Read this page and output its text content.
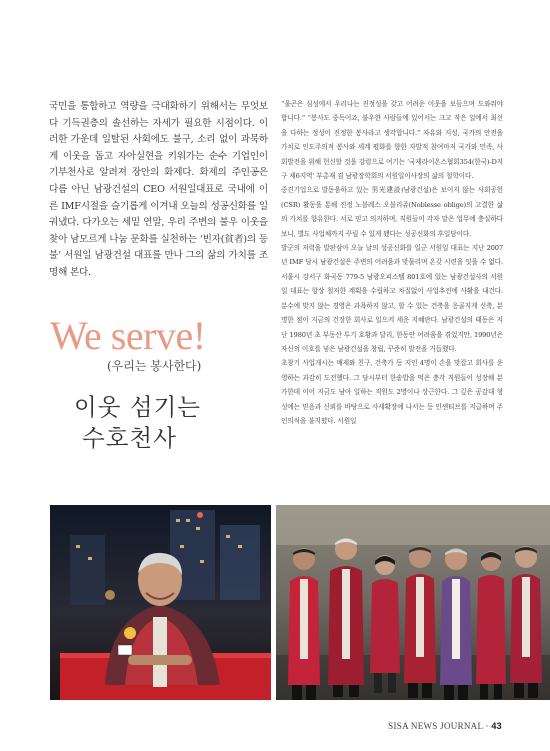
국민을 통합하고 역량을 극대화하기 위해서는 무엇보다 기득권층의 솔선하는 자세가 필요한 시점이다. 이러한 가운데 일탈된 사회에도 불구, 소리 없이 과묵하게 이웃을 돕고 자아실현을 키워가는 순수 기업인이 기부천사로 알려져 장안의 화제다. 화제의 주인공은 다름 아닌 남광건설의 CEO 서원일대표로 국내에 이른 IMF시절을 슬기롭게 이겨내 오늘의 성공신화를 일궈냈다. 다가오는 세밑 연말, 우리 주변의 불우 이웃을 찾아 남모르게 나눔 문화를 실천하는 ‘빈자(貧者)의 등불’ 서원일 남광건설 대표를 만나 그의 삶의 가치를 조명해 본다.
We serve!
(우리는 봉사한다)
이웃 섬기는
수호천사

“울곤은 심성에서 우러나는 진정성을 갖고 어려운 이웃을 보듬으며 도와줘야 합니다.” “봉사도 중독이죠, 불우한 사람들에 있어서는 크고 작은 일에서 최선을 다하는 정성이 진정한 봉사라고 생각합니다.” 자유와 지성, 국가의 안전을 가치로 인도주의적 봉사와 세계 평화를 향한 자발적 참여마저 국가와 민족, 사회발전을 위해 헌신할 것을 강령으로 여기는 ‘국제라이온스협회354(한국)-D지구 제6지역’ 부총재 겸 남광장학회의 서원일이사장의 삶의 철학이다.

중견기업으로 발돋움하고 있는 男光建設(남광건설)은 보이지 않는 사회공헌(CSR) 활동을 통해 진정 노블레스 오블리쥬(Noblesse oblige)의 고결한 삶의 가치를 향유한다. 서로 믿고 의지하며, 직원들이 각자 맡은 업무에 충실하다보니, 별도 사업체까지 꾸릴 수 있게 됐다는 성공신화의 후일담이다.

발군의 저력을 발판삼아 오늘 날의 성공신화를 일군 서원일 대표는 지난 2007년 IMF 당시 남광건설은 주변의 어려움과 맞물리며 온갖 시련을 잇을 수 없다. 서울시 강서구 화곡동 779-5 남광오피스텔 801호에 있는 남광건설사의 서원일 대표는 항상 철저한 계획을 수립하고 차질없이 사업추진에 사활을 내건다. 분수에 맞지 않는 경영은 과욕하지 않고, 할 수 있는 건축을 응골지게 신축, 분명한 점이 지금의 건장한 회사로 일으켜 세운 지혜란다. 남광건설의 태동은 지난 1980년 초 부동산 투기 호황과 달리, 한동안 어려움을 겪었지만, 1990년은 자신의 이호를 넣은 남광건설을 창립, 꾸준히 발전을 거듭했다.

초창기 사업개시는 매제와 친구, 건축가 등 지인 4명이 손을 맞잡고 회사를 운영하는 과감히 도전했다. 그 당시부터 한솥밥을 먹은 충각 직원들이 성장해 분가한데 이어 지금도 남아 일하는 직원도 2명이나 상근한다. 그 깊은 공감대 형성에는 믿음과 신뢰를 바탕으로 사세확장에 나서는 등 인센티브를 지급하며 주인의식을 불지폈다. 서원일

SISA NEWS JOURNAL · 43
